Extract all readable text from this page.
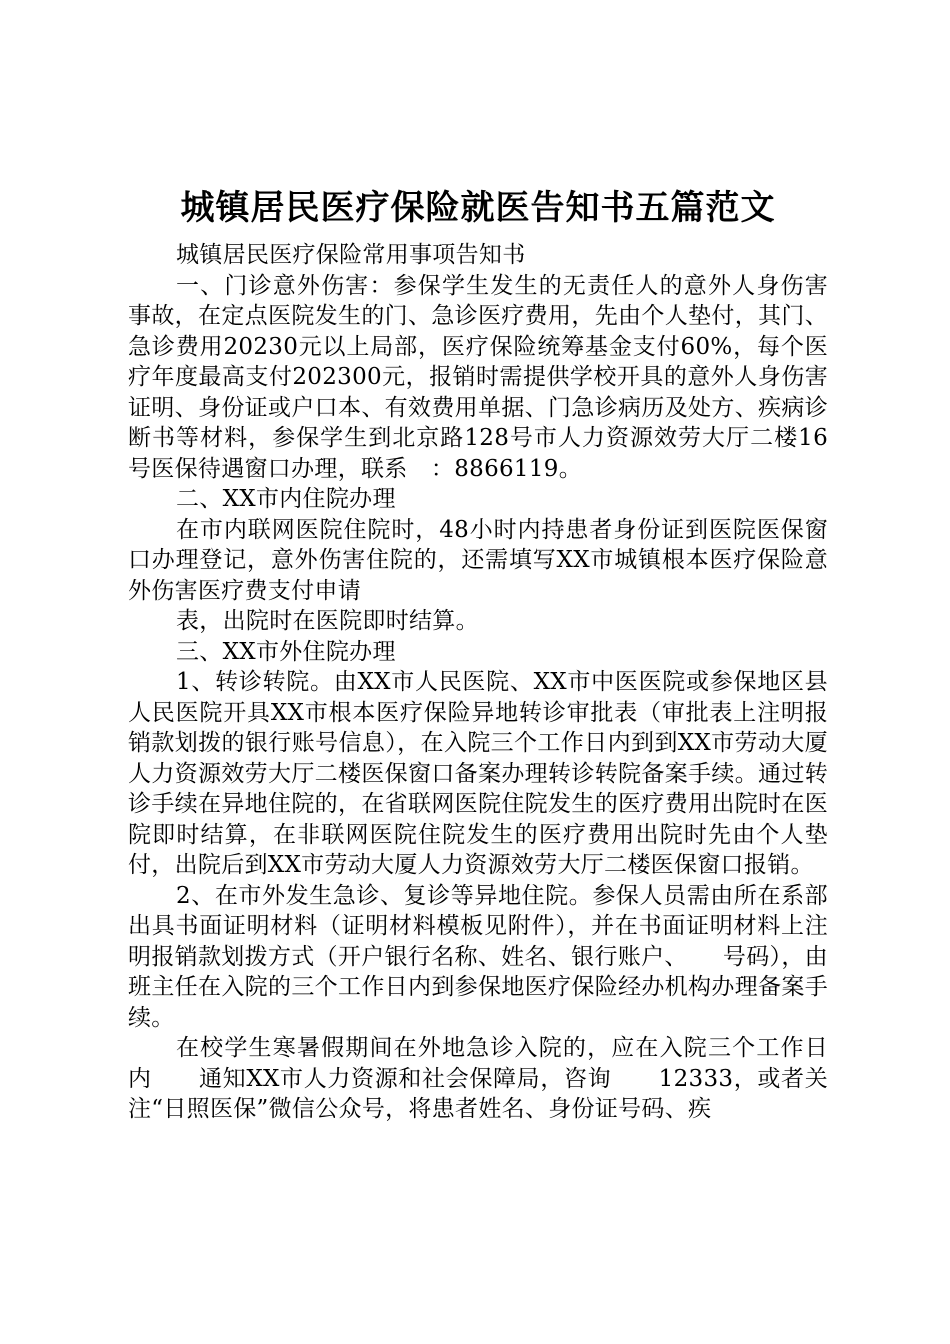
城镇居民医疗保险就医告知书五篇范文

城镇居民医疗保险常用事项告知书

一、门诊意外伤害：参保学生发生的无责任人的意外人身伤害事故，在定点医院发生的门、急诊医疗费用，先由个人垫付，其门、急诊费用20230元以上局部，医疗保险统筹基金支付60%，每个医疗年度最高支付202300元，报销时需提供学校开具的意外人身伤害证明、身份证或户口本、有效费用单据、门急诊病历及处方、疾病诊断书等材料，参保学生到北京路128号市人力资源效劳大厅二楼16号医保待遇窗口办理，联系　：8866119。

二、XX市内住院办理

在市内联网医院住院时，48小时内持患者身份证到医院医保窗口办理登记，意外伤害住院的，还需填写XX市城镇根本医疗保险意外伤害医疗费支付申请

表，出院时在医院即时结算。

三、XX市外住院办理

1、转诊转院。由XX市人民医院、XX市中医医院或参保地区县人民医院开具XX市根本医疗保险异地转诊审批表（审批表上注明报销款划拨的银行账号信息），在入院三个工作日内到到XX市劳动大厦人力资源效劳大厅二楼医保窗口备案办理转诊转院备案手续。通过转诊手续在异地住院的，在省联网医院住院发生的医疗费用出院时在医院即时结算，在非联网医院住院发生的医疗费用出院时先由个人垫付，出院后到XX市劳动大厦人力资源效劳大厅二楼医保窗口报销。

2、在市外发生急诊、复诊等异地住院。参保人员需由所在系部出具书面证明材料（证明材料模板见附件），并在书面证明材料上注明报销款划拨方式（开户银行名称、姓名、银行账户、　　号码），由班主任在入院的三个工作日内到参保地医疗保险经办机构办理备案手续。

在校学生寒暑假期间在外地急诊入院的，应在入院三个工作日内　　通知XX市人力资源和社会保障局，咨询　　12333，或者关注“日照医保”微信公众号，将患者姓名、身份证号码、疾
